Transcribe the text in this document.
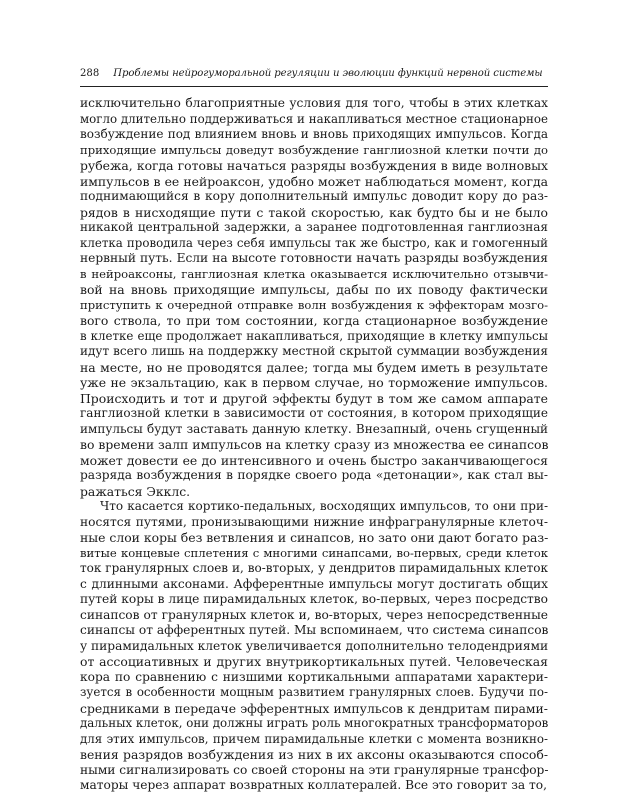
288 Проблемы нейрогуморальной регуляции и эволюции функций нервной системы
исключительно благоприятные условия для того, чтобы в этих клетках
могло длительно поддерживаться и накапливаться местное стационарное
возбуждение под влиянием вновь и вновь приходящих импульсов. Когда
приходящие импульсы доведут возбуждение ганглиозной клетки почти до
рубежа, когда готовы начаться разряды возбуждения в виде волновых
импульсов в ее нейроаксон, удобно может наблюдаться момент, когда
поднимающийся в кору дополнительный импульс доводит кору до раз-
рядов в нисходящие пути с такой скоростью, как будто бы и не было
никакой центральной задержки, а заранее подготовленная ганглиозная
клетка проводила через себя импульсы так же быстро, как и гомогенный
нервный путь. Если на высоте готовности начать разряды возбуждения
в нейроаксоны, ганглиозная клетка оказывается исключительно отзывчи-
вой на вновь приходящие импульсы, дабы по их поводу фактически
приступить к очередной отправке волн возбуждения к эффекторам мозго-
вого ствола, то при том состоянии, когда стационарное возбуждение
в клетке еще продолжает накапливаться, приходящие в клетку импульсы
идут всего лишь на поддержку местной скрытой суммации возбуждения
на месте, но не проводятся далее; тогда мы будем иметь в результате
уже не экзальтацию, как в первом случае, но торможение импульсов.
Происходить и тот и другой эффекты будут в том же самом аппарате
ганглиозной клетки в зависимости от состояния, в котором приходящие
импульсы будут заставать данную клетку. Внезапный, очень сгущенный
во времени залп импульсов на клетку сразу из множества ее синапсов
может довести ее до интенсивного и очень быстро заканчивающегося
разряда возбуждения в порядке своего рода «детонации», как стал вы-
ражаться Экклс.
Что касается кортико-педальных, восходящих импульсов, то они при-
носятся путями, пронизывающими нижние инфрагранулярные клеточ-
ные слои коры без ветвления и синапсов, но зато они дают богато раз-
витые концевые сплетения с многими синапсами, во-первых, среди клеток
ток гранулярных слоев и, во-вторых, у дендритов пирамидальных клеток
с длинными аксонами. Афферентные импульсы могут достигать общих
путей коры в лице пирамидальных клеток, во-первых, через посредство
синапсов от гранулярных клеток и, во-вторых, через непосредственные
синапсы от афферентных путей. Мы вспоминаем, что система синапсов
у пирамидальных клеток увеличивается дополнительно телодендриями
от ассоциативных и других внутрикортикальных путей. Человеческая
кора по сравнению с низшими кортикальными аппаратами характери-
зуется в особенности мощным развитием гранулярных слоев. Будучи по-
средниками в передаче эфферентных импульсов к дендритам пирами-
дальных клеток, они должны играть роль многократных трансформаторов
для этих импульсов, причем пирамидальные клетки с момента возникно-
вения разрядов возбуждения из них в их аксоны оказываются способ-
ными сигнализировать со своей стороны на эти гранулярные трансфор-
маторы через аппарат возвратных коллатералей. Все это говорит за то,
